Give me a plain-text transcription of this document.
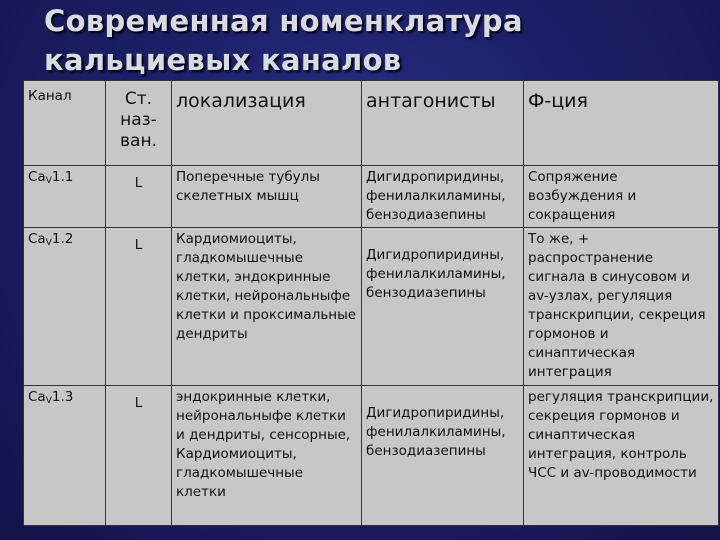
Современная номенклатура
кальциевых каналов
Канал	Ст. наз-ван.	локализация	антагонисты	Ф-ция
$Ca_V1.1$	L	Поперечные тубулы скелетных мышц	Дигидропиридины, фенилалкиламины, бензодиазепины	Сопряжение возбуждения и сокращения
$Ca_V1.2$	L	Кардиомиоциты, гладкомышечные клетки, эндокринные клетки, нейрональныфе клетки и проксимальные дендриты	Дигидропиридины, фенилалкиламины, бензодиазепины	То же, + распространение сигнала в синусовом и av-узлах, регуляция транскрипции, секреция гормонов и синаптическая интеграция
$Ca_V1.3$	L	эндокринные клетки, нейрональныфе клетки и дендриты, сенсорные, Кардиомиоциты, гладкомышечные клетки	Дигидропиридины, фенилалкиламины, бензодиазепины	регуляция транскрипции, секреция гормонов и синаптическая интеграция, контроль ЧСС и av-проводимости
